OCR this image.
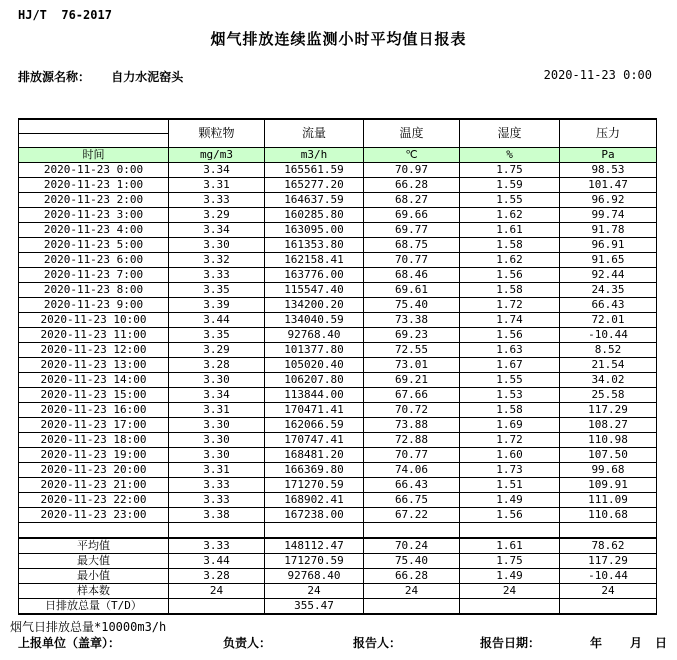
HJ/T  76-2017
烟气排放连续监测小时平均值日报表
排放源名称： 自力水泥窑头	2020-11-23 0:00
	颗粒物	流量	温度	湿度	压力
时间	mg/m3	m3/h	℃	%	Pa
2020-11-23 0:00	3.34	165561.59	70.97	1.75	98.53
2020-11-23 1:00	3.31	165277.20	66.28	1.59	101.47
2020-11-23 2:00	3.33	164637.59	68.27	1.55	96.92
2020-11-23 3:00	3.29	160285.80	69.66	1.62	99.74
2020-11-23 4:00	3.34	163095.00	69.77	1.61	91.78
2020-11-23 5:00	3.30	161353.80	68.75	1.58	96.91
2020-11-23 6:00	3.32	162158.41	70.77	1.62	91.65
2020-11-23 7:00	3.33	163776.00	68.46	1.56	92.44
2020-11-23 8:00	3.35	115547.40	69.61	1.58	24.35
2020-11-23 9:00	3.39	134200.20	75.40	1.72	66.43
2020-11-23 10:00	3.44	134040.59	73.38	1.74	72.01
2020-11-23 11:00	3.35	92768.40	69.23	1.56	-10.44
2020-11-23 12:00	3.29	101377.80	72.55	1.63	8.52
2020-11-23 13:00	3.28	105020.40	73.01	1.67	21.54
2020-11-23 14:00	3.30	106207.80	69.21	1.55	34.02
2020-11-23 15:00	3.34	113844.00	67.66	1.53	25.58
2020-11-23 16:00	3.31	170471.41	70.72	1.58	117.29
2020-11-23 17:00	3.30	162066.59	73.88	1.69	108.27
2020-11-23 18:00	3.30	170747.41	72.88	1.72	110.98
2020-11-23 19:00	3.30	168481.20	70.77	1.60	107.50
2020-11-23 20:00	3.31	166369.80	74.06	1.73	99.68
2020-11-23 21:00	3.33	171270.59	66.43	1.51	109.91
2020-11-23 22:00	3.33	168902.41	66.75	1.49	111.09
2020-11-23 23:00	3.38	167238.00	67.22	1.56	110.68

平均值	3.33	148112.47	70.24	1.61	78.62
最大值	3.44	171270.59	75.40	1.75	117.29
最小值	3.28	92768.40	66.28	1.49	-10.44
样本数	24	24	24	24	24
日排放总量（T/D）		355.47			
烟气日排放总量*10000m3/h
上报单位（盖章）：	负责人：	报告人：	报告日期：	年 月 日
